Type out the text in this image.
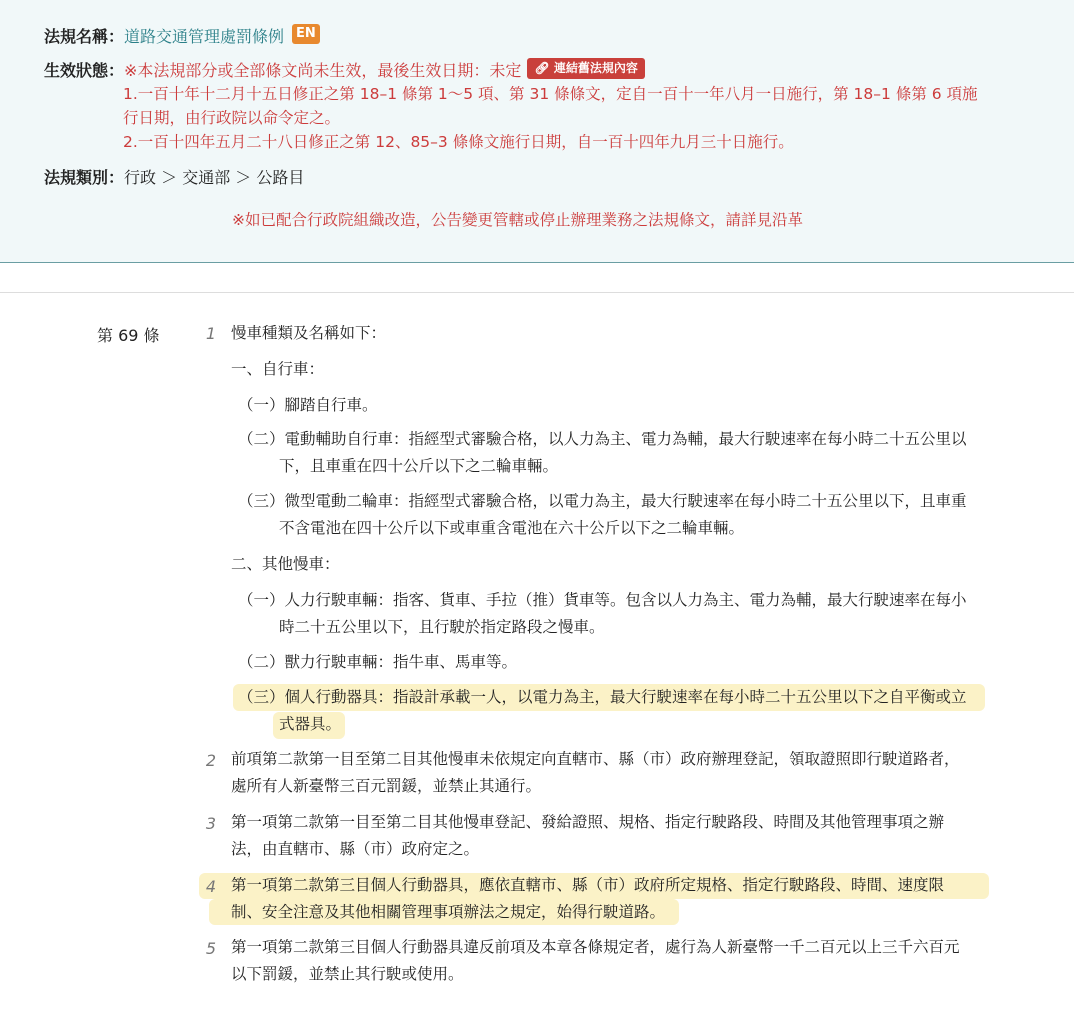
法規名稱： 道路交通管理處罰條例 EN
生效狀態： ※本法規部分或全部條文尚未生效，最後生效日期：未定	🔗︎ 連結舊法規內容

1.一百十年十二月十五日修正之第 18–1 條第 1～5 項、第 31 條條文，定自一百十一年八月一日施行，第 18–1 條第 6 項施

行日期，由行政院以命令定之。

2.一百十四年五月二十八日修正之第 12、85–3 條條文施行日期，自一百十四年九月三十日施行。

法規類別： 行政 ＞ 交通部 ＞ 公路目
※如已配合行政院組織改造，公告變更管轄或停止辦理業務之法規條文，請詳見沿革
第 69 條	1 慢車種類及名稱如下：
一、自行車：
（一）腳踏自行車。
（二）電動輔助自行車：指經型式審驗合格，以人力為主、電力為輔，最大行駛速率在每小時二十五公里以
下，且車重在四十公斤以下之二輪車輛。
（三）微型電動二輪車：指經型式審驗合格，以電力為主，最大行駛速率在每小時二十五公里以下，且車重
不含電池在四十公斤以下或車重含電池在六十公斤以下之二輪車輛。
二、其他慢車：
（一）人力行駛車輛：指客、貨車、手拉（推）貨車等。包含以人力為主、電力為輔，最大行駛速率在每小
時二十五公里以下，且行駛於指定路段之慢車。
（二）獸力行駛車輛：指牛車、馬車等。
（三）個人行動器具：指設計承載一人，以電力為主，最大行駛速率在每小時二十五公里以下之自平衡或立
式器具。
2 前項第二款第一目至第二目其他慢車未依規定向直轄市、縣（市）政府辦理登記，領取證照即行駛道路者，
處所有人新臺幣三百元罰鍰，並禁止其通行。
3 第一項第二款第一目至第二目其他慢車登記、發給證照、規格、指定行駛路段、時間及其他管理事項之辦
法，由直轄市、縣（市）政府定之。
4 第一項第二款第三目個人行動器具，應依直轄市、縣（市）政府所定規格、指定行駛路段、時間、速度限
制、安全注意及其他相關管理事項辦法之規定，始得行駛道路。
5 第一項第二款第三目個人行動器具違反前項及本章各條規定者，處行為人新臺幣一千二百元以上三千六百元
以下罰鍰，並禁止其行駛或使用。
